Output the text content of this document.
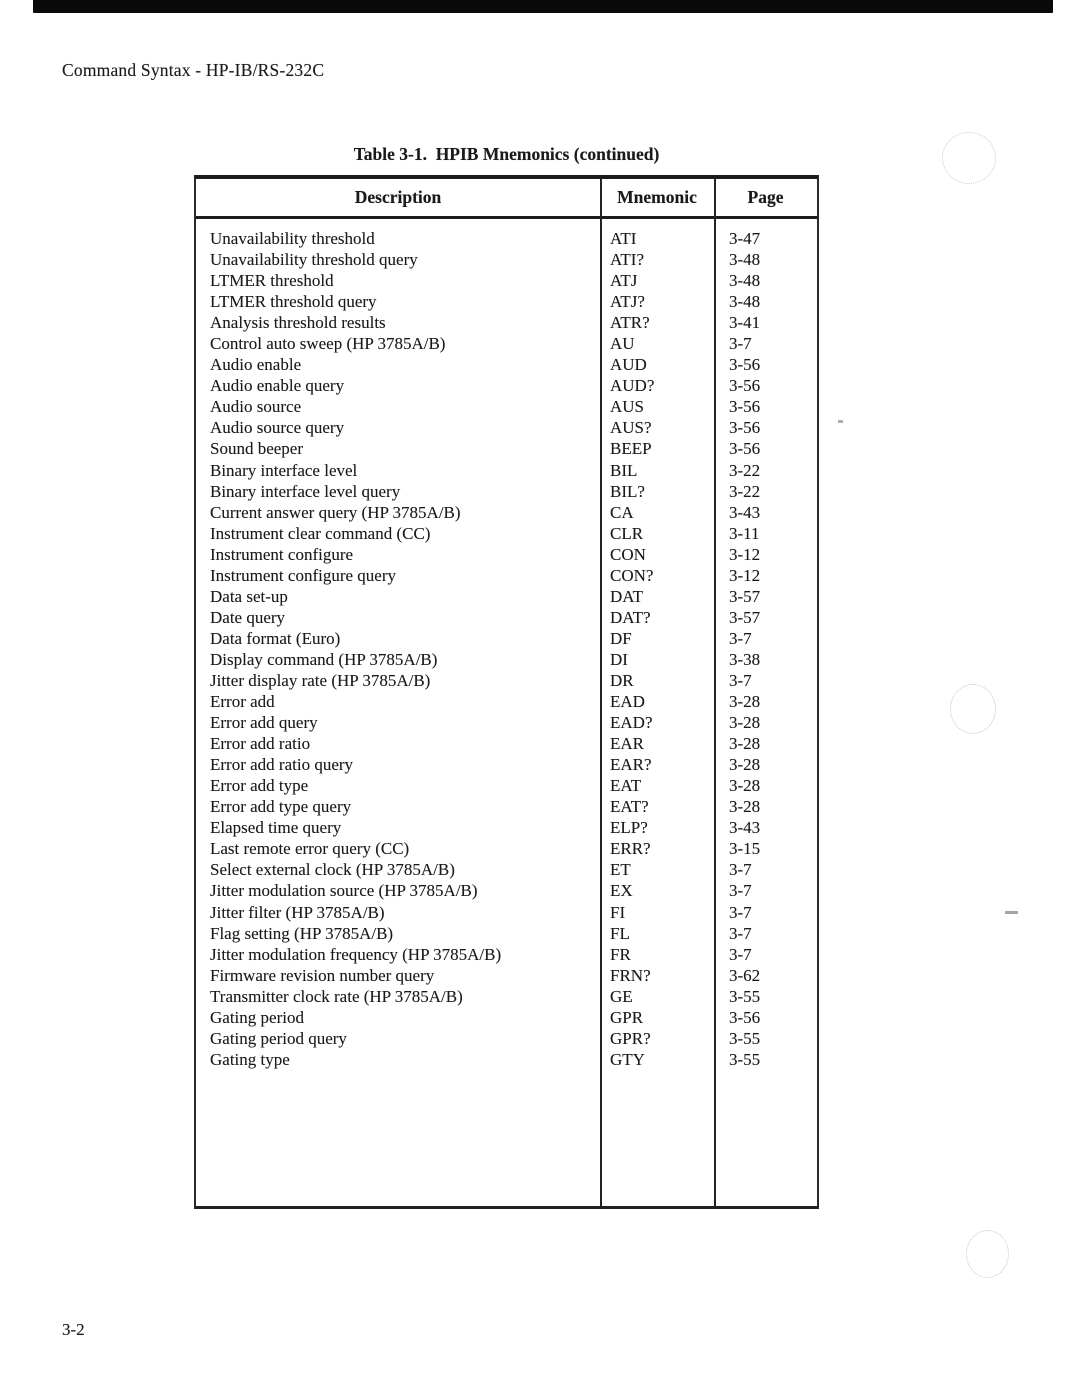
Command Syntax - HP-IB/RS-232C
Table 3-1.  HPIB Mnemonics (continued)
Description	Mnemonic	Page
Unavailability threshold	ATI	3-47
Unavailability threshold query	ATI?	3-48
LTMER threshold	ATJ	3-48
LTMER threshold query	ATJ?	3-48
Analysis threshold results	ATR?	3-41
Control auto sweep (HP 3785A/B)	AU	3-7
Audio enable	AUD	3-56
Audio enable query	AUD?	3-56
Audio source	AUS	3-56
Audio source query	AUS?	3-56
Sound beeper	BEEP	3-56
Binary interface level	BIL	3-22
Binary interface level query	BIL?	3-22
Current answer query (HP 3785A/B)	CA	3-43
Instrument clear command (CC)	CLR	3-11
Instrument configure	CON	3-12
Instrument configure query	CON?	3-12
Data set-up	DAT	3-57
Date query	DAT?	3-57
Data format (Euro)	DF	3-7
Display command (HP 3785A/B)	DI	3-38
Jitter display rate (HP 3785A/B)	DR	3-7
Error add	EAD	3-28
Error add query	EAD?	3-28
Error add ratio	EAR	3-28
Error add ratio query	EAR?	3-28
Error add type	EAT	3-28
Error add type query	EAT?	3-28
Elapsed time query	ELP?	3-43
Last remote error query (CC)	ERR?	3-15
Select external clock (HP 3785A/B)	ET	3-7
Jitter modulation source (HP 3785A/B)	EX	3-7
Jitter filter (HP 3785A/B)	FI	3-7
Flag setting (HP 3785A/B)	FL	3-7
Jitter modulation frequency (HP 3785A/B)	FR	3-7
Firmware revision number query	FRN?	3-62
Transmitter clock rate (HP 3785A/B)	GE	3-55
Gating period	GPR	3-56
Gating period query	GPR?	3-55
Gating type	GTY	3-55
3-2
